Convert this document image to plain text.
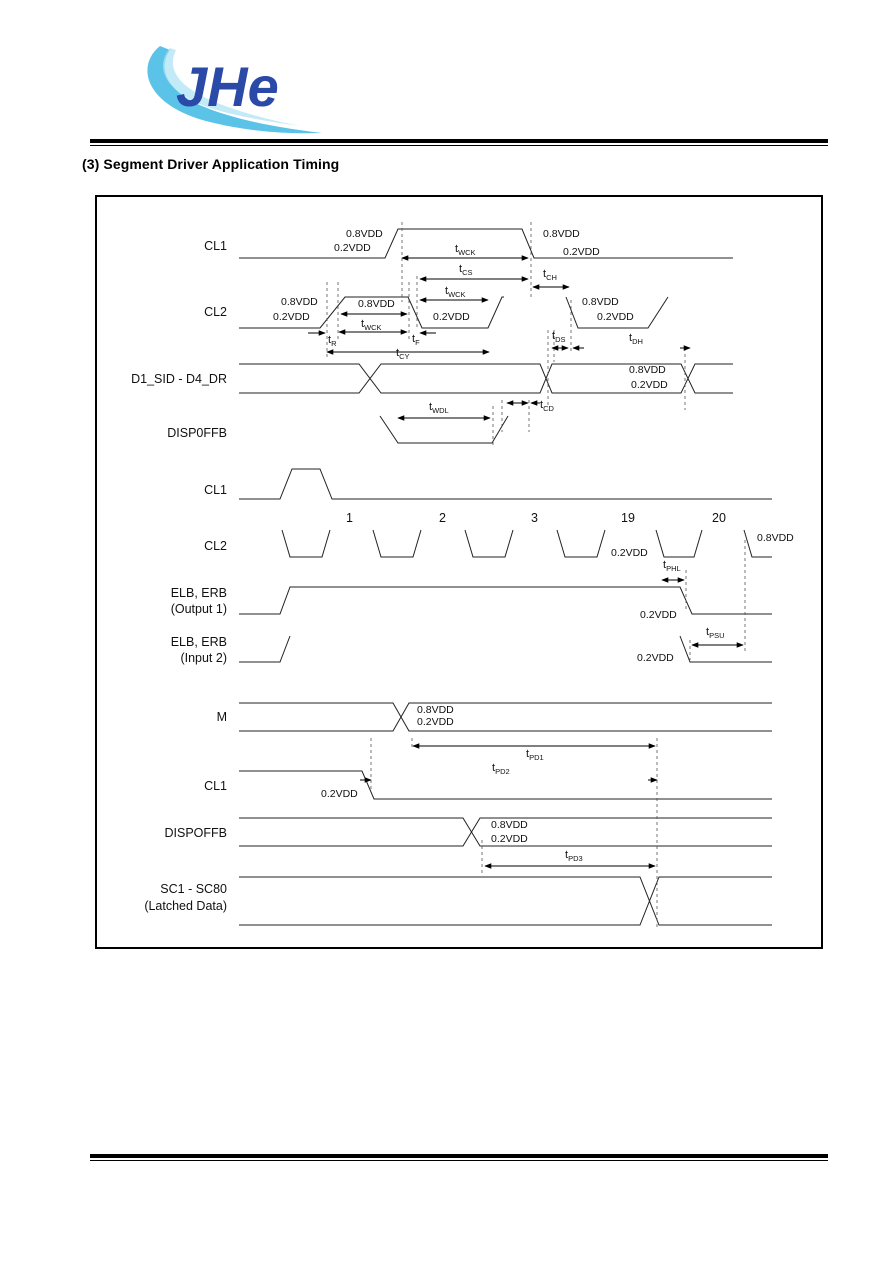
JHe
(3) Segment Driver Application Timing
CL1
CL2
D1_SID - D4_DR
DISP0FFB
CL1
CL2
ELB, ERB
(Output 1)
ELB, ERB
(Input 2)
M
CL1
DISPOFFB
SC1 - SC80
(Latched Data)
0.8VDD
0.2VDD
0.8VDD
0.2VDD
0.8VDD
0.2VDD
0.8VDD
0.2VDD
0.8VDD
0.2VDD
0.8VDD
0.2VDD
0.2VDD
0.8VDD
0.2VDD
0.2VDD
0.8VDD
0.2VDD
0.2VDD
0.8VDD
0.2VDD
$t_{WCK}$
$t_{CS}$	$t_{CH}$
$t_{WCK}$
$t_{WCK}$
$t_R$	$t_F$
$t_{CY}$
$t_{DS}$	$t_{DH}$
$t_{WDL}$	$t_{CD}$
$t_{PHL}$
$t_{PSU}$
$t_{PD1}$
$t_{PD2}$
$t_{PD3}$
1	2	3	19	20
